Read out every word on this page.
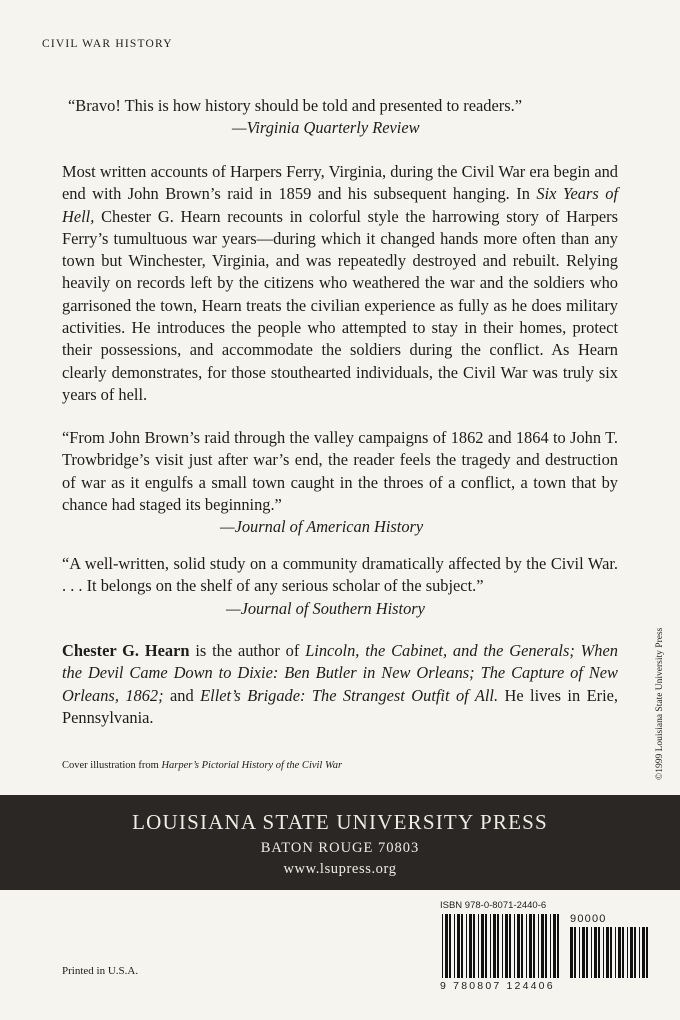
CIVIL WAR HISTORY

“Bravo! This is how history should be told and presented to readers.”

—Virginia Quarterly Review

Most written accounts of Harpers Ferry, Virginia, during the Civil War era begin and end with John Brown’s raid in 1859 and his subsequent hanging. In Six Years of Hell, Chester G. Hearn recounts in colorful style the harrowing story of Harpers Ferry’s tumultuous war years—during which it changed hands more often than any town but Winchester, Virginia, and was repeatedly destroyed and rebuilt. Relying heavily on records left by the citizens who weathered the war and the soldiers who garrisoned the town, Hearn treats the civilian experience as fully as he does military activities. He introduces the people who attempted to stay in their homes, protect their possessions, and accommodate the soldiers during the conflict. As Hearn clearly demonstrates, for those stouthearted individuals, the Civil War was truly six years of hell.

“From John Brown’s raid through the valley campaigns of 1862 and 1864 to John T. Trowbridge’s visit just after war’s end, the reader feels the tragedy and destruction of war as it engulfs a small town caught in the throes of a conflict, a town that by chance had staged its beginning.”

—Journal of American History

“A well-written, solid study on a community dramatically affected by the Civil War. . . . It belongs on the shelf of any serious scholar of the subject.”

—Journal of Southern History

Chester G. Hearn is the author of Lincoln, the Cabinet, and the Generals; When the Devil Came Down to Dixie: Ben Butler in New Orleans; The Capture of New Orleans, 1862; and Ellet’s Brigade: The Strangest Outfit of All. He lives in Erie, Pennsylvania.

Cover illustration from Harper’s Pictorial History of the Civil War	©1999 Louisiana State University Press
LOUISIANA STATE UNIVERSITY PRESS
BATON ROUGE 70803
www.lsupress.org
Printed in U.S.A.
ISBN 978-0-8071-2440-6
90000
9 780807 124406
